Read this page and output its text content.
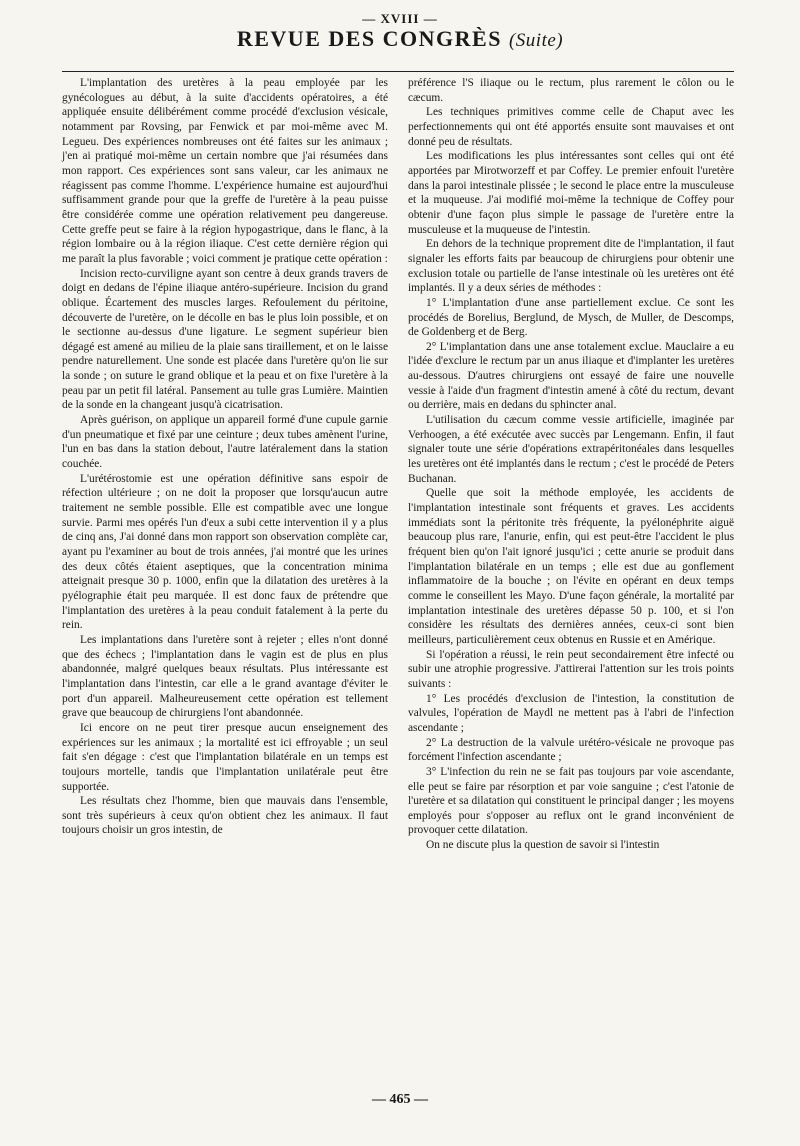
— XVIII —
REVUE DES CONGRÈS (Suite)

L'implantation des uretères à la peau employée par les gynécologues au début, à la suite d'accidents opératoires, a été appliquée ensuite délibérément comme procédé d'exclusion vésicale, notamment par Rovsing, par Fenwick et par moi-même avec M. Legueu. Des expériences nombreuses ont été faites sur les animaux ; j'en ai pratiqué moi-même un certain nombre que j'ai résumées dans mon rapport. Ces expériences sont sans valeur, car les animaux ne réagissent pas comme l'homme. L'expérience humaine est aujourd'hui suffisamment grande pour que la greffe de l'uretère à la peau puisse être considérée comme une opération relativement peu dangereuse. Cette greffe peut se faire à la région hypogastrique, dans le flanc, à la région lombaire ou à la région iliaque. C'est cette dernière région qui me paraît la plus favorable ; voici comment je pratique cette opération :

Incision recto-curviligne ayant son centre à deux grands travers de doigt en dedans de l'épine iliaque antéro-supérieure. Incision du grand oblique. Écartement des muscles larges. Refoulement du péritoine, découverte de l'uretère, on le décolle en bas le plus loin possible, et on le sectionne au-dessus d'une ligature. Le segment supérieur bien dégagé est amené au milieu de la plaie sans tiraillement, et on le laisse pendre naturellement. Une sonde est placée dans l'uretère qu'on lie sur la sonde ; on suture le grand oblique et la peau et on fixe l'uretère à la peau par un petit fil latéral. Pansement au tulle gras Lumière. Maintien de la sonde en la changeant jusqu'à cicatrisation.

Après guérison, on applique un appareil formé d'une cupule garnie d'un pneumatique et fixé par une ceinture ; deux tubes amènent l'urine, l'un en bas dans la station debout, l'autre latéralement dans la station couchée.

L'urétérostomie est une opération définitive sans espoir de réfection ultérieure ; on ne doit la proposer que lorsqu'aucun autre traitement ne semble possible. Elle est compatible avec une longue survie. Parmi mes opérés l'un d'eux a subi cette intervention il y a plus de cinq ans, J'ai donné dans mon rapport son observation complète car, ayant pu l'examiner au bout de trois années, j'ai montré que les urines des deux côtés étaient aseptiques, que la concentration minima atteignait presque 30 p. 1000, enfin que la dilatation des uretères à la pyélographie était peu marquée. Il est donc faux de prétendre que l'implantation des uretères à la peau conduit fatalement à la perte du rein.

Les implantations dans l'uretère sont à rejeter ; elles n'ont donné que des échecs ; l'implantation dans le vagin est de plus en plus abandonnée, malgré quelques beaux résultats. Plus intéressante est l'implantation dans l'intestin, car elle a le grand avantage d'éviter le port d'un appareil. Malheureusement cette opération est tellement grave que beaucoup de chirurgiens l'ont abandonnée.

Ici encore on ne peut tirer presque aucun enseignement des expériences sur les animaux ; la mortalité est ici effroyable ; un seul fait s'en dégage : c'est que l'implantation bilatérale en un temps est toujours mortelle, tandis que l'implantation unilatérale peut être supportée.

Les résultats chez l'homme, bien que mauvais dans l'ensemble, sont très supérieurs à ceux qu'on obtient chez les animaux. Il faut toujours choisir un gros intestin, de

préférence l'S iliaque ou le rectum, plus rarement le côlon ou le cæcum.

Les techniques primitives comme celle de Chaput avec les perfectionnements qui ont été apportés ensuite sont mauvaises et ont donné peu de résultats.

Les modifications les plus intéressantes sont celles qui ont été apportées par Mirotworzeff et par Coffey. Le premier enfouit l'uretère dans la paroi intestinale plissée ; le second le place entre la musculeuse et la muqueuse. J'ai modifié moi-même la technique de Coffey pour obtenir d'une façon plus simple le passage de l'uretère entre la musculeuse et la muqueuse de l'intestin.

En dehors de la technique proprement dite de l'implantation, il faut signaler les efforts faits par beaucoup de chirurgiens pour obtenir une exclusion totale ou partielle de l'anse intestinale où les uretères ont été implantés. Il y a deux séries de méthodes :

1° L'implantation d'une anse partiellement exclue. Ce sont les procédés de Borelius, Berglund, de Mysch, de Muller, de Descomps, de Goldenberg et de Berg.

2° L'implantation dans une anse totalement exclue. Mauclaire a eu l'idée d'exclure le rectum par un anus iliaque et d'implanter les uretères au-dessous. D'autres chirurgiens ont essayé de faire une nouvelle vessie à l'aide d'un fragment d'intestin amené à côté du rectum, devant ou derrière, mais en dedans du sphincter anal.

L'utilisation du cæcum comme vessie artificielle, imaginée par Verhoogen, a été exécutée avec succès par Lengemann. Enfin, il faut signaler toute une série d'opérations extrapéritonéales dans lesquelles les uretères ont été implantés dans le rectum ; c'est le procédé de Peters Buchanan.

Quelle que soit la méthode employée, les accidents de l'implantation intestinale sont fréquents et graves. Les accidents immédiats sont la péritonite très fréquente, la pyélonéphrite aiguë beaucoup plus rare, l'anurie, enfin, qui est peut-être l'accident le plus fréquent bien qu'on l'ait ignoré jusqu'ici ; cette anurie se produit dans l'implantation bilatérale en un temps ; elle est due au gonflement inflammatoire de la bouche ; on l'évite en opérant en deux temps comme le conseillent les Mayo. D'une façon générale, la mortalité par implantation intestinale des uretères dépasse 50 p. 100, et si l'on considère les résultats des dernières années, ceux-ci sont bien meilleurs, particulièrement ceux obtenus en Russie et en Amérique.

Si l'opération a réussi, le rein peut secondairement être infecté ou subir une atrophie progressive. J'attirerai l'attention sur les trois points suivants :

1° Les procédés d'exclusion de l'intestion, la constitution de valvules, l'opération de Maydl ne mettent pas à l'abri de l'infection ascendante ;

2° La destruction de la valvule urétéro-vésicale ne provoque pas forcément l'infection ascendante ;

3° L'infection du rein ne se fait pas toujours par voie ascendante, elle peut se faire par résorption et par voie sanguine ; c'est l'atonie de l'uretère et sa dilatation qui constituent le principal danger ; les moyens employés pour s'opposer au reflux ont le grand inconvénient de provoquer cette dilatation.

On ne discute plus la question de savoir si l'intestin

— 465 —
